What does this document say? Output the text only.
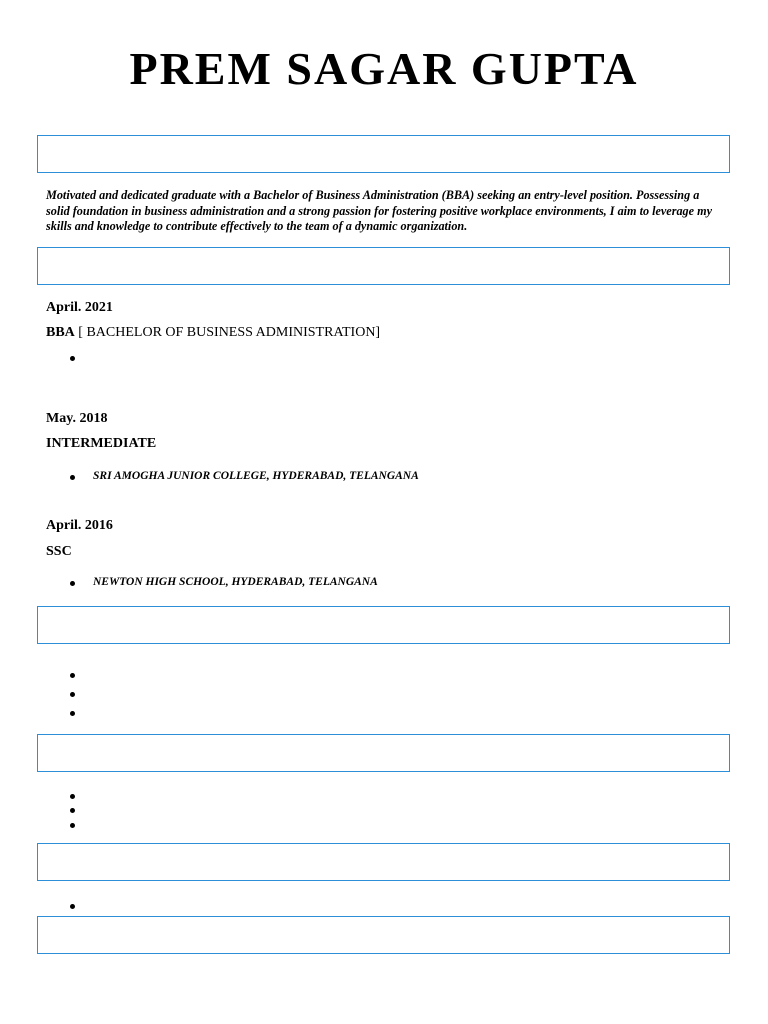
PREM SAGAR GUPTA
Motivated and dedicated graduate with a Bachelor of Business Administration (BBA) seeking an entry-level position. Possessing a solid foundation in business administration and a strong passion for fostering positive workplace environments, I aim to leverage my skills and knowledge to contribute effectively to the team of a dynamic organization.
April. 2021
BBA [ BACHELOR OF BUSINESS ADMINISTRATION]
May. 2018
INTERMEDIATE
SRI AMOGHA JUNIOR COLLEGE, HYDERABAD, TELANGANA
April. 2016
SSC
NEWTON HIGH SCHOOL, HYDERABAD, TELANGANA
